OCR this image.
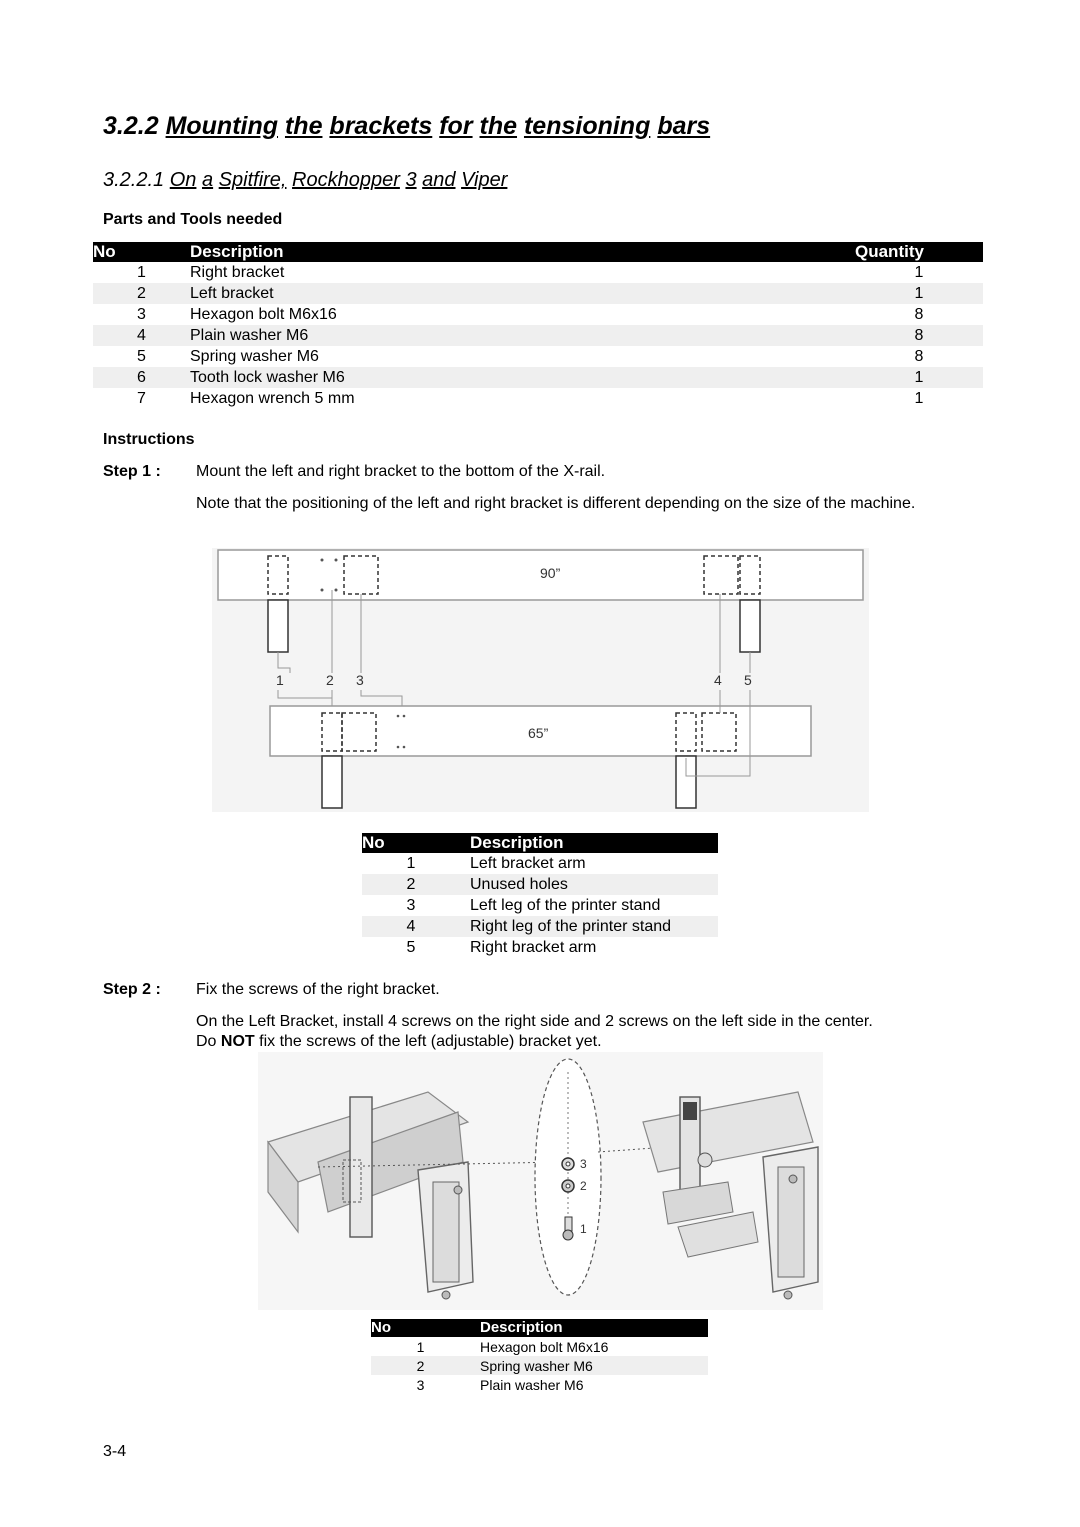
3.2.2 Mounting the brackets for the tensioning bars
3.2.2.1 On a Spitfire, Rockhopper 3 and Viper
Parts and Tools needed
No	Description	Quantity
1	Right bracket	1
2	Left bracket	1
3	Hexagon bolt M6x16	8
4	Plain washer M6	8
5	Spring washer M6	8
6	Tooth lock washer M6	1
7	Hexagon wrench 5 mm	1
Instructions
Step 1 : Mount the left and right bracket to the bottom of the X-rail.
Note that the positioning of the left and right bracket is different depending on the size of the machine.
90”
1	2 3	4 5
65”
No	Description
1	Left bracket arm
2	Unused holes
3	Left leg of the printer stand
4	Right leg of the printer stand
5	Right bracket arm
Step 2 : Fix the screws of the right bracket.
On the Left Bracket, install 4 screws on the right side and 2 screws on the left side in the center.
Do NOT fix the screws of the left (adjustable) bracket yet.
3
2
1
No	Description
1	Hexagon bolt M6x16
2	Spring washer M6
3	Plain washer M6
3-4
